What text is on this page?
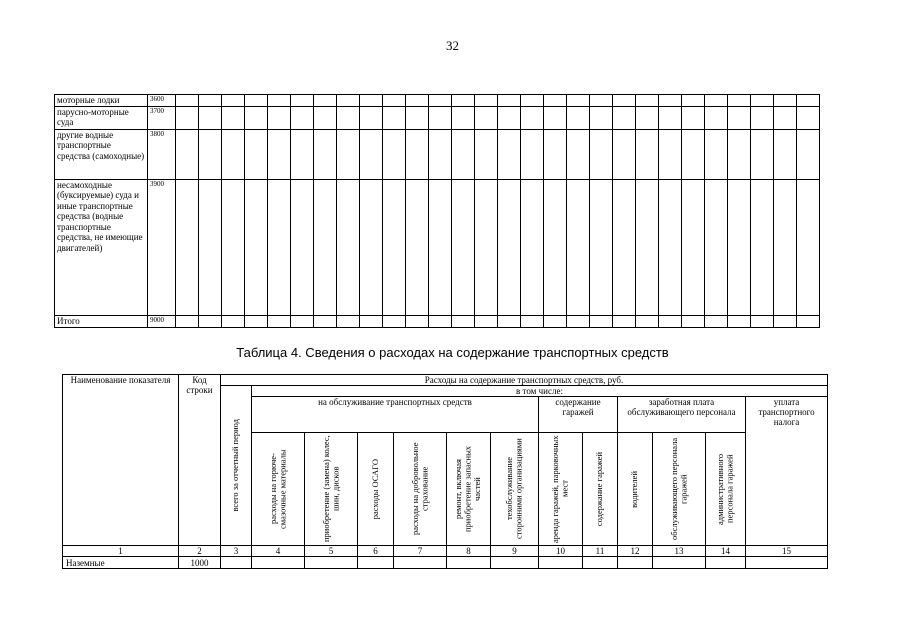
32
моторные лодки	3600																												
парусно-моторные суда	3700																												
другие водные транспортные средства (самоходные)	3800																												
несамоходные (буксируемые) суда и иные транспортные средства (водные транспортные средства, не имеющие двигателей)	3900																												
Итого	9000																												
Таблица 4. Сведения о расходах на содержание транспортных средств
Наименование показателя	Код строки	Расходы на содержание транспортных средств, руб.												

		всего за отчетный период	в том числе:											
			на обслуживание транспортных средств						содержание гаражей		заработная плата обслуживающего персонала			уплата транспортного налога

			расходы на горюче-смазочные материалы	приобретение (замена) колес, шин, дисков	расходы ОСАГО	расходы на добровольное страхование	ремонт, включая приобретение запасных частей	техобслуживание сторонними организациями	аренда гаражей, парковочных мест	содержание гаражей	водителей	обслуживающего персонала гаражей	административного персонала гаражей	

1	2	3	4	5	6	7	8	9	10	11	12	13	14	15
Наземные	1000													
